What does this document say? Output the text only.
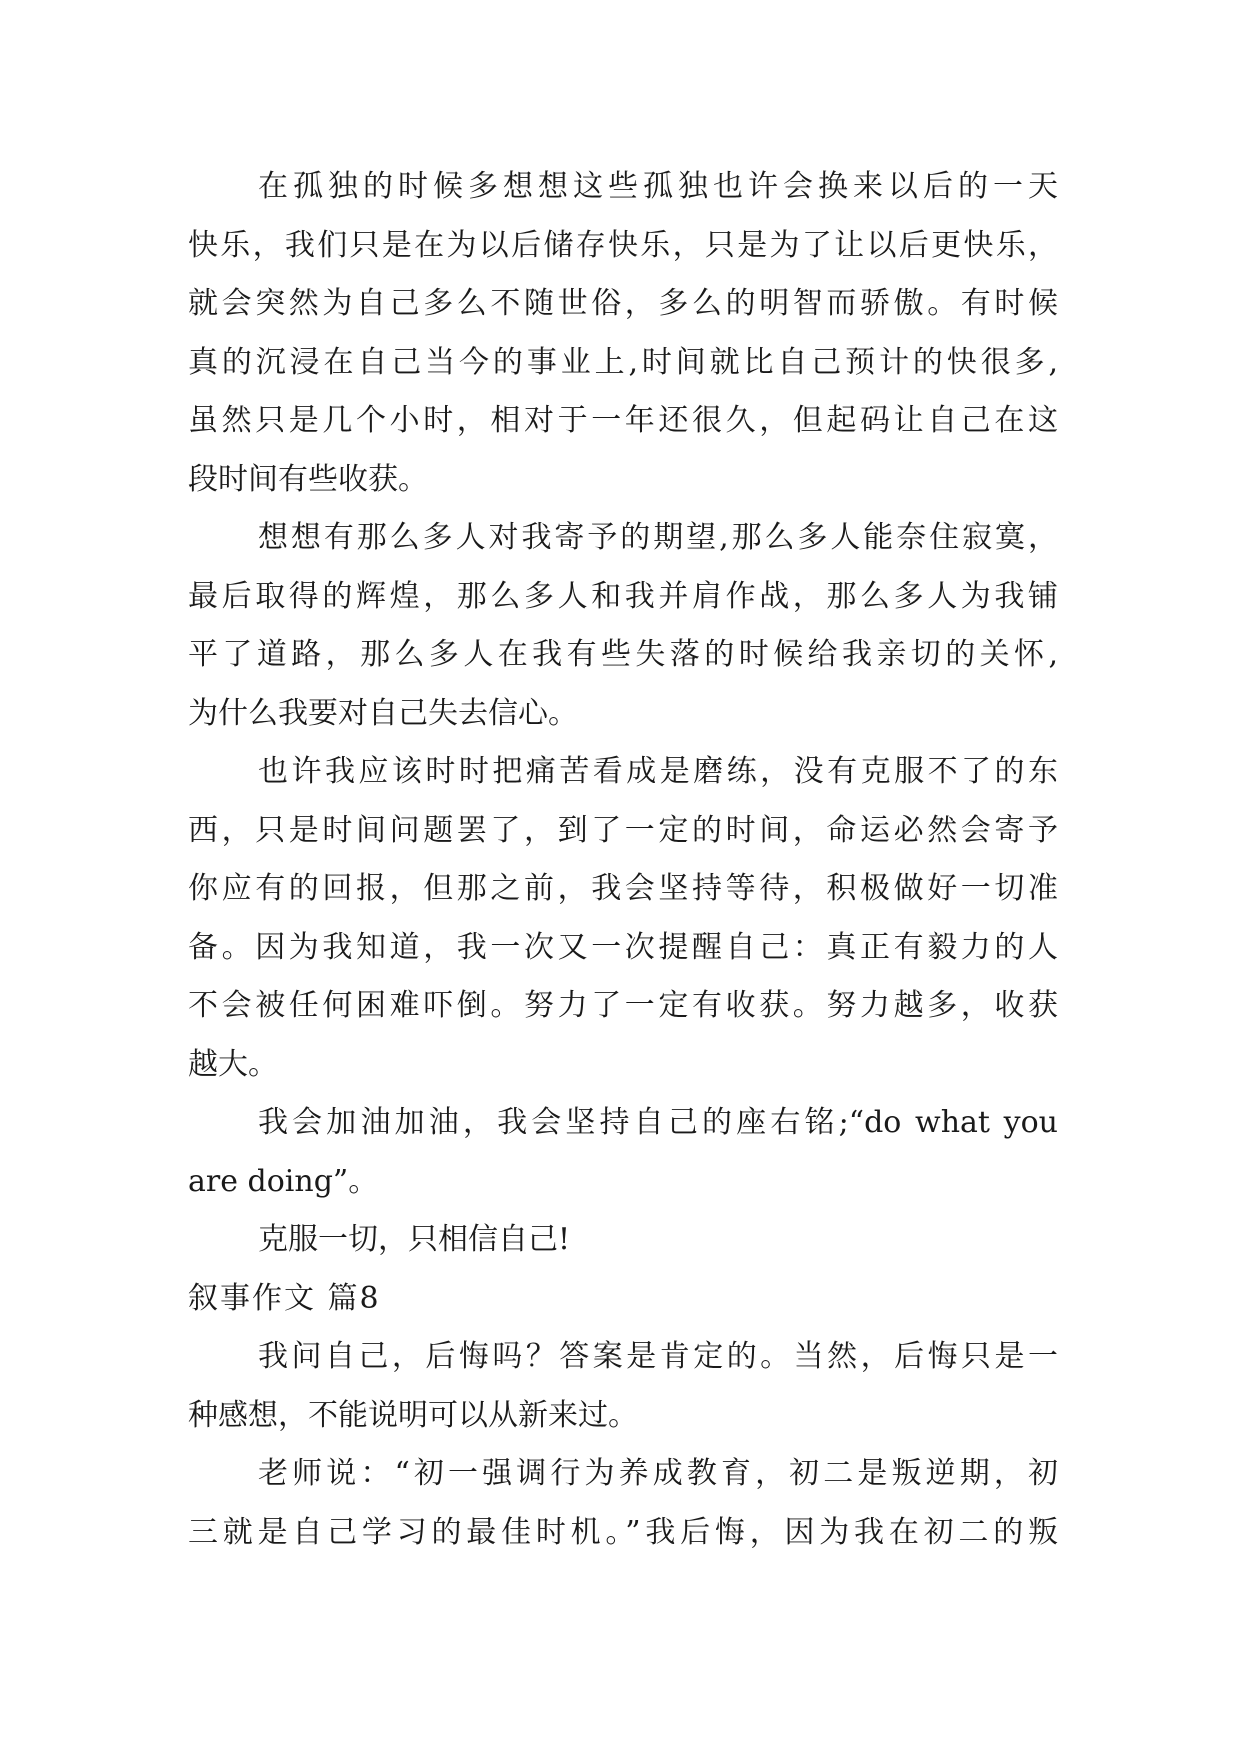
在孤独的时候多想想这些孤独也许会换来以后的一天
快乐，我们只是在为以后储存快乐，只是为了让以后更快乐，
就会突然为自己多么不随世俗，多么的明智而骄傲。有时候
真的沉浸在自己当今的事业上,时间就比自己预计的快很多,
虽然只是几个小时，相对于一年还很久，但起码让自己在这
段时间有些收获。
想想有那么多人对我寄予的期望,那么多人能奈住寂寞，
最后取得的辉煌，那么多人和我并肩作战，那么多人为我铺
平了道路，那么多人在我有些失落的时候给我亲切的关怀,
为什么我要对自己失去信心。
也许我应该时时把痛苦看成是磨练，没有克服不了的东
西，只是时间问题罢了，到了一定的时间，命运必然会寄予
你应有的回报，但那之前，我会坚持等待，积极做好一切准
备。因为我知道，我一次又一次提醒自己：真正有毅力的人
不会被任何困难吓倒。努力了一定有收获。努力越多，收获
越大。
我会加油加油，我会坚持自己的座右铭;“do what you
are doing”。
克服一切，只相信自己!
叙事作文 篇8
我问自己，后悔吗？答案是肯定的。当然，后悔只是一
种感想，不能说明可以从新来过。
老师说：“初一强调行为养成教育，初二是叛逆期，初
三就是自己学习的最佳时机。”我后悔，因为我在初二的叛
